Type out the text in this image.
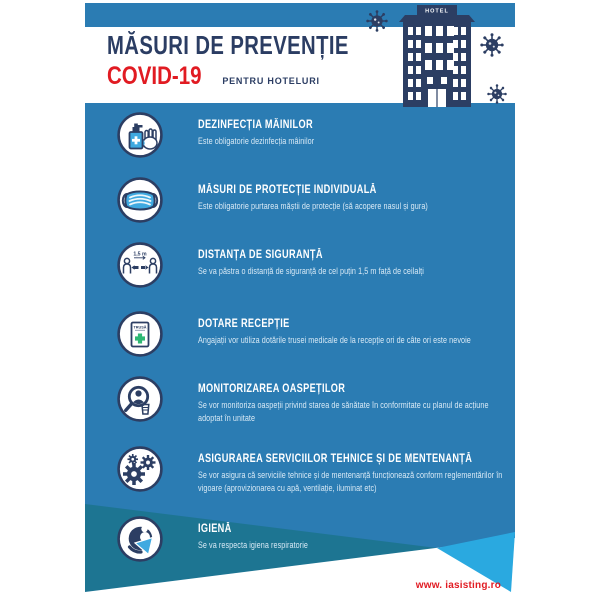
MĂSURI DE PREVENȚIE
COVID-19 PENTRU HOTELURI
HOTEL
DEZINFECȚIA MÂINILOR
Este obligatorie dezinfecția mâinilor
MĂSURI DE PROTECȚIE INDIVIDUALĂ
Este obligatorie purtarea măștii de protecție (să acopere nasul și gura)
1,5 m	DISTANȚA DE SIGURANȚĂ
Se va păstra o distanță de siguranță de cel puțin 1,5 m față de ceilalți
TRUSĂ	DOTARE RECEPȚIE
Angajații vor utiliza dotările trusei medicale de la recepție ori de câte ori este nevoie
MONITORIZAREA OASPEȚILOR
Se vor monitoriza oaspeții privind starea de sănătate în conformitate cu planul de acțiune adoptat în unitate
ASIGURAREA SERVICIILOR TEHNICE ȘI DE MENTENANȚĂ
Se vor asigura că serviciile tehnice și de mentenanță funcționează conform reglementărilor în vigoare (aprovizionarea cu apă, ventilație, iluminat etc)
IGIENĂ
Se va respecta igiena respiratorie
www. iasisting.ro
